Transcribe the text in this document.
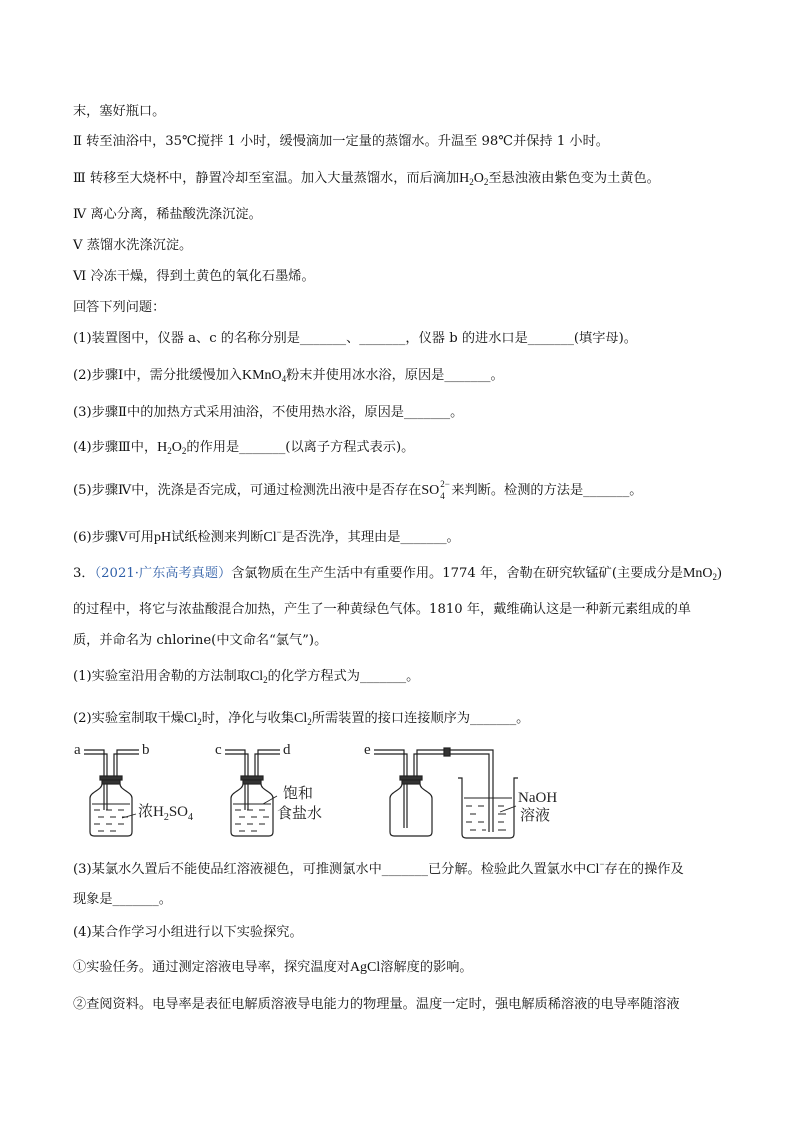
末，塞好瓶口。
Ⅱ 转至油浴中，35℃搅拌 1 小时，缓慢滴加一定量的蒸馏水。升温至 98℃并保持 1 小时。
Ⅲ 转移至大烧杯中，静置冷却至室温。加入大量蒸馏水，而后滴加$H_2O_2$至悬浊液由紫色变为土黄色。
Ⅳ 离心分离，稀盐酸洗涤沉淀。
Ⅴ 蒸馏水洗涤沉淀。
Ⅵ 冷冻干燥，得到土黄色的氧化石墨烯。
回答下列问题：
(1)装置图中，仪器 a、c 的名称分别是_______、_______，仪器 b 的进水口是_______(填字母)。
(2)步骤Ⅰ中，需分批缓慢加入KMnO$_4$粉末并使用冰水浴，原因是_______。
(3)步骤Ⅱ中的加热方式采用油浴，不使用热水浴，原因是_______。
(4)步骤Ⅲ中，$H_2O_2$的作用是_______(以离子方程式表示)。
(5)步骤Ⅳ中，洗涤是否完成，可通过检测洗出液中是否存在SO 2−
4 来判断。检测的方法是_______。
(6)步骤Ⅴ可用pH试纸检测来判断Cl−是否洗净，其理由是_______。
3．（2021·广东高考真题）含氯物质在生产生活中有重要作用。1774 年，舍勒在研究软锰矿(主要成分是MnO$_2$)
的过程中，将它与浓盐酸混合加热，产生了一种黄绿色气体。1810 年，戴维确认这是一种新元素组成的单
质，并命名为 chlorine(中文命名“氯气”)。
(1)实验室沿用舍勒的方法制取$Cl_2$的化学方程式为_______。
(2)实验室制取干燥$Cl_2$时，净化与收集$Cl_2$所需装置的接口连接顺序为_______。
a	b
浓$H_2SO_4$
c	d
饱和
食盐水
e
NaOH
溶液
(3)某氯水久置后不能使品红溶液褪色，可推测氯水中_______已分解。检验此久置氯水中Cl−存在的操作及
现象是_______。
(4)某合作学习小组进行以下实验探究。
①实验任务。通过测定溶液电导率，探究温度对AgCl溶解度的影响。
②查阅资料。电导率是表征电解质溶液导电能力的物理量。温度一定时，强电解质稀溶液的电导率随溶液
